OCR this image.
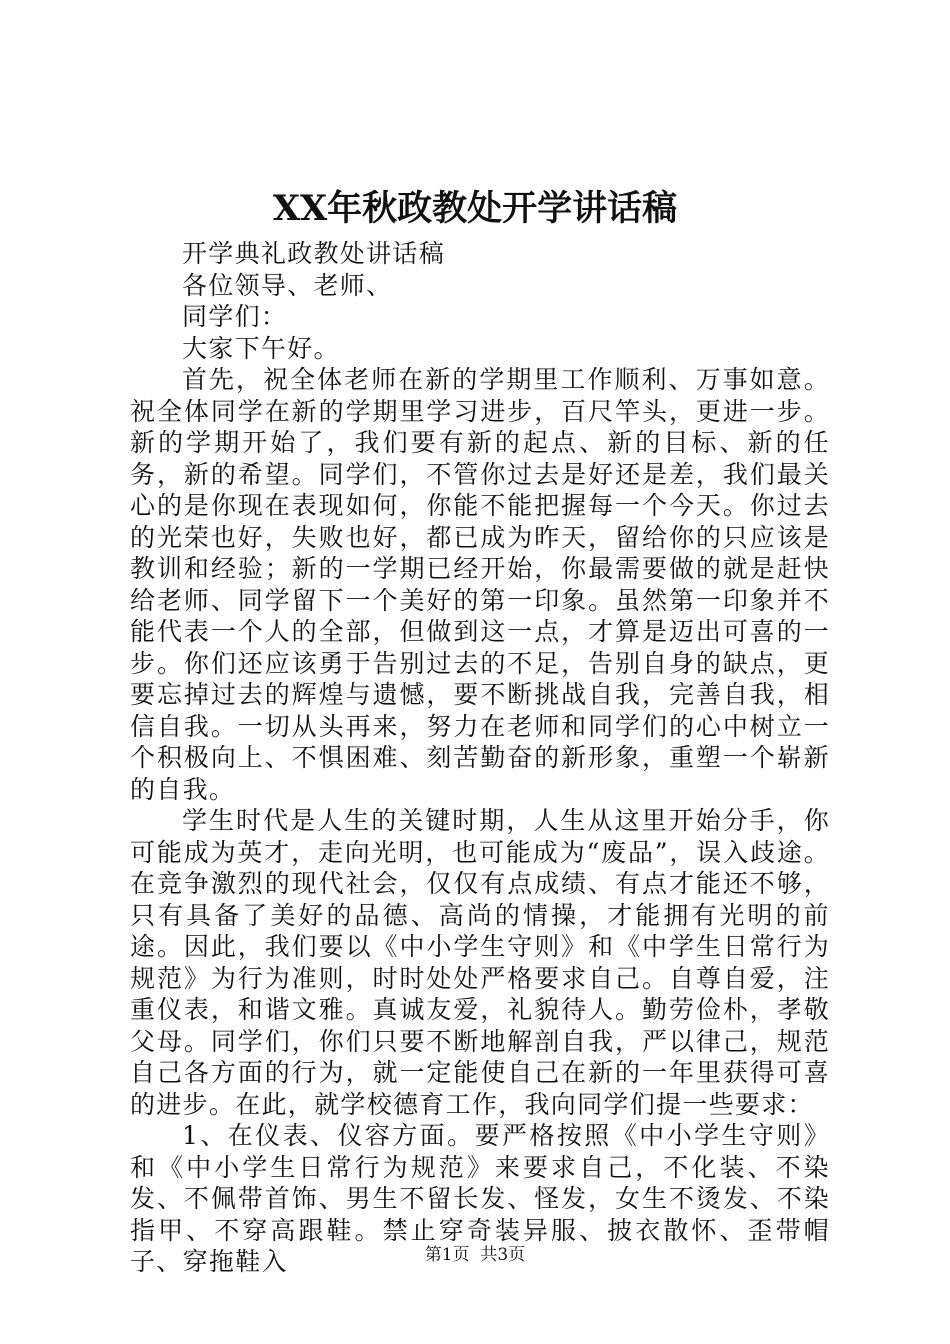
XX年秋政教处开学讲话稿

开学典礼政教处讲话稿

各位领导、老师、

同学们：

大家下午好。

首先，祝全体老师在新的学期里工作顺利、万事如意。祝全体同学在新的学期里学习进步，百尺竿头，更进一步。新的学期开始了，我们要有新的起点、新的目标、新的任务，新的希望。同学们，不管你过去是好还是差，我们最关心的是你现在表现如何，你能不能把握每一个今天。你过去的光荣也好，失败也好，都已成为昨天，留给你的只应该是教训和经验；新的一学期已经开始，你最需要做的就是赶快给老师、同学留下一个美好的第一印象。虽然第一印象并不能代表一个人的全部，但做到这一点，才算是迈出可喜的一步。你们还应该勇于告别过去的不足，告别自身的缺点，更要忘掉过去的辉煌与遗憾，要不断挑战自我，完善自我，相信自我。一切从头再来，努力在老师和同学们的心中树立一个积极向上、不惧困难、刻苦勤奋的新形象，重塑一个崭新的自我。

学生时代是人生的关键时期，人生从这里开始分手，你可能成为英才，走向光明，也可能成为“废品”，误入歧途。在竞争激烈的现代社会，仅仅有点成绩、有点才能还不够，只有具备了美好的品德、高尚的情操，才能拥有光明的前途。因此，我们要以《中小学生守则》和《中学生日常行为规范》为行为准则，时时处处严格要求自己。自尊自爱，注重仪表，和谐文雅。真诚友爱，礼貌待人。勤劳俭朴，孝敬父母。同学们，你们只要不断地解剖自我，严以律己，规范自己各方面的行为，就一定能使自己在新的一年里获得可喜的进步。在此，就学校德育工作，我向同学们提一些要求：

1、在仪表、仪容方面。要严格按照《中小学生守则》和《中小学生日常行为规范》来要求自己，不化装、不染发、不佩带首饰、男生不留长发、怪发，女生不烫发、不染指甲、不穿高跟鞋。禁止穿奇装异服、披衣散怀、歪带帽子、穿拖鞋入	第1页 共3页
